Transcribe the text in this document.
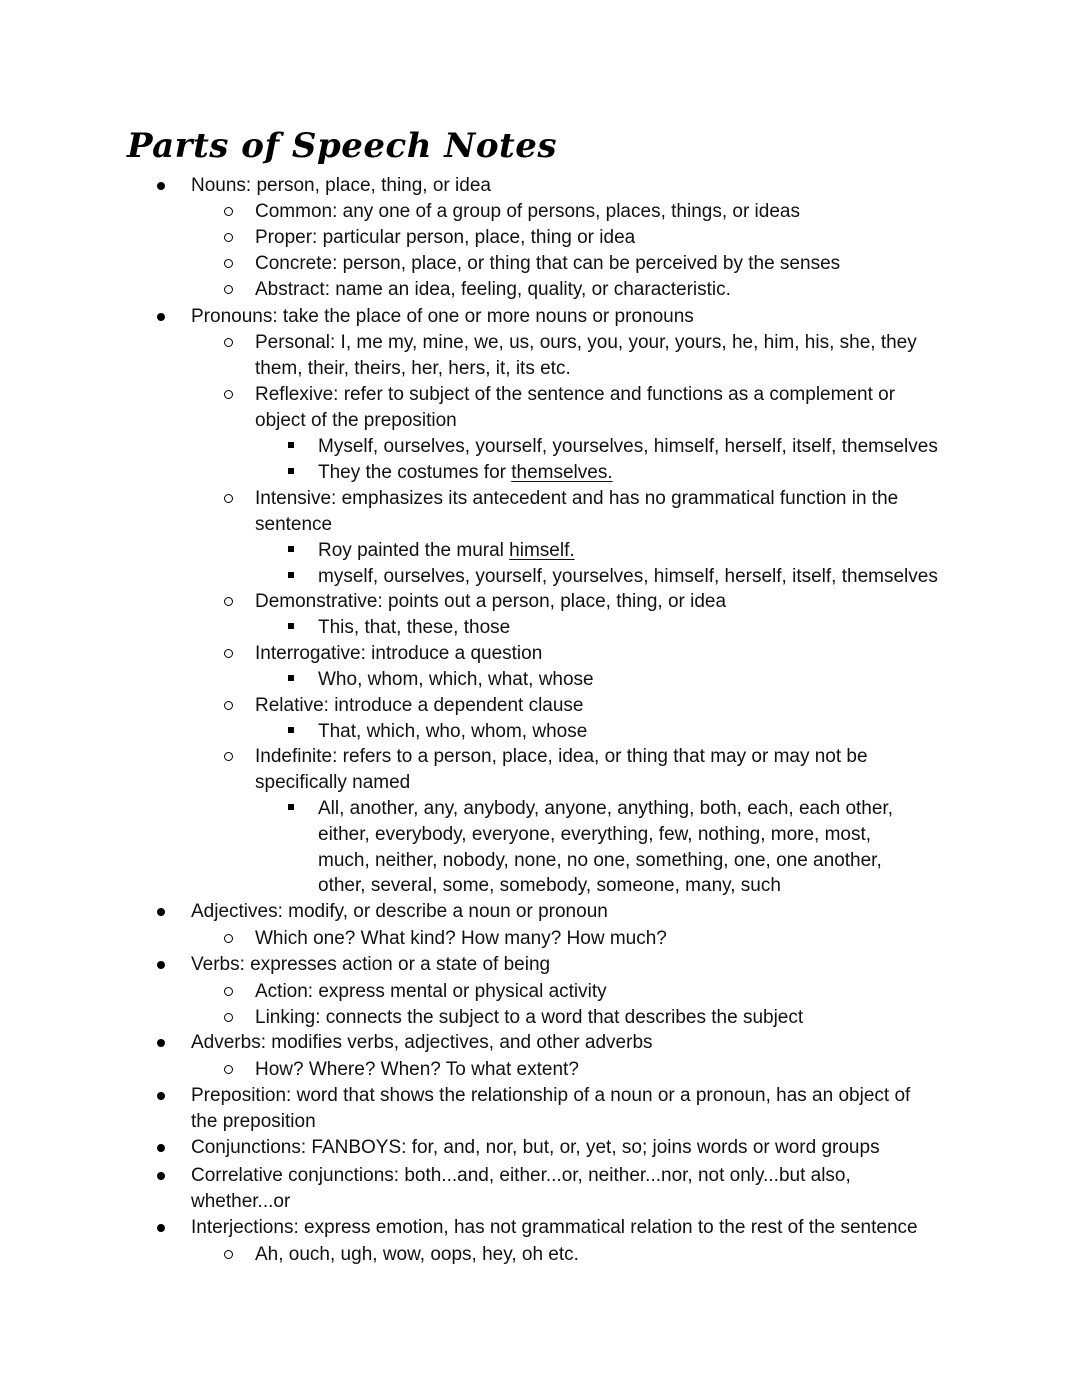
Parts of Speech Notes
Nouns: person, place, thing, or idea
Common: any one of a group of persons, places, things, or ideas
Proper: particular person, place, thing or idea
Concrete: person, place, or thing that can be perceived by the senses
Abstract: name an idea, feeling, quality, or characteristic.
Pronouns: take the place of one or more nouns or pronouns
Personal: I, me my, mine, we, us, ours, you, your, yours, he, him, his, she, they
them, their, theirs, her, hers, it, its etc.
Reflexive: refer to subject of the sentence and functions as a complement or
object of the preposition
Myself, ourselves, yourself, yourselves, himself, herself, itself, themselves
They the costumes for themselves.
Intensive: emphasizes its antecedent and has no grammatical function in the
sentence
Roy painted the mural himself.
myself, ourselves, yourself, yourselves, himself, herself, itself, themselves
Demonstrative: points out a person, place, thing, or idea
This, that, these, those
Interrogative: introduce a question
Who, whom, which, what, whose
Relative: introduce a dependent clause
That, which, who, whom, whose
Indefinite: refers to a person, place, idea, or thing that may or may not be
specifically named
All, another, any, anybody, anyone, anything, both, each, each other,
either, everybody, everyone, everything, few, nothing, more, most,
much, neither, nobody, none, no one, something, one, one another,
other, several, some, somebody, someone, many, such
Adjectives: modify, or describe a noun or pronoun
Which one? What kind? How many? How much?
Verbs: expresses action or a state of being
Action: express mental or physical activity
Linking: connects the subject to a word that describes the subject
Adverbs: modifies verbs, adjectives, and other adverbs
How? Where? When? To what extent?
Preposition: word that shows the relationship of a noun or a pronoun, has an object of
the preposition
Conjunctions: FANBOYS: for, and, nor, but, or, yet, so; joins words or word groups
Correlative conjunctions: both...and, either...or, neither...nor, not only...but also,
whether...or
Interjections: express emotion, has not grammatical relation to the rest of the sentence
Ah, ouch, ugh, wow, oops, hey, oh etc.
